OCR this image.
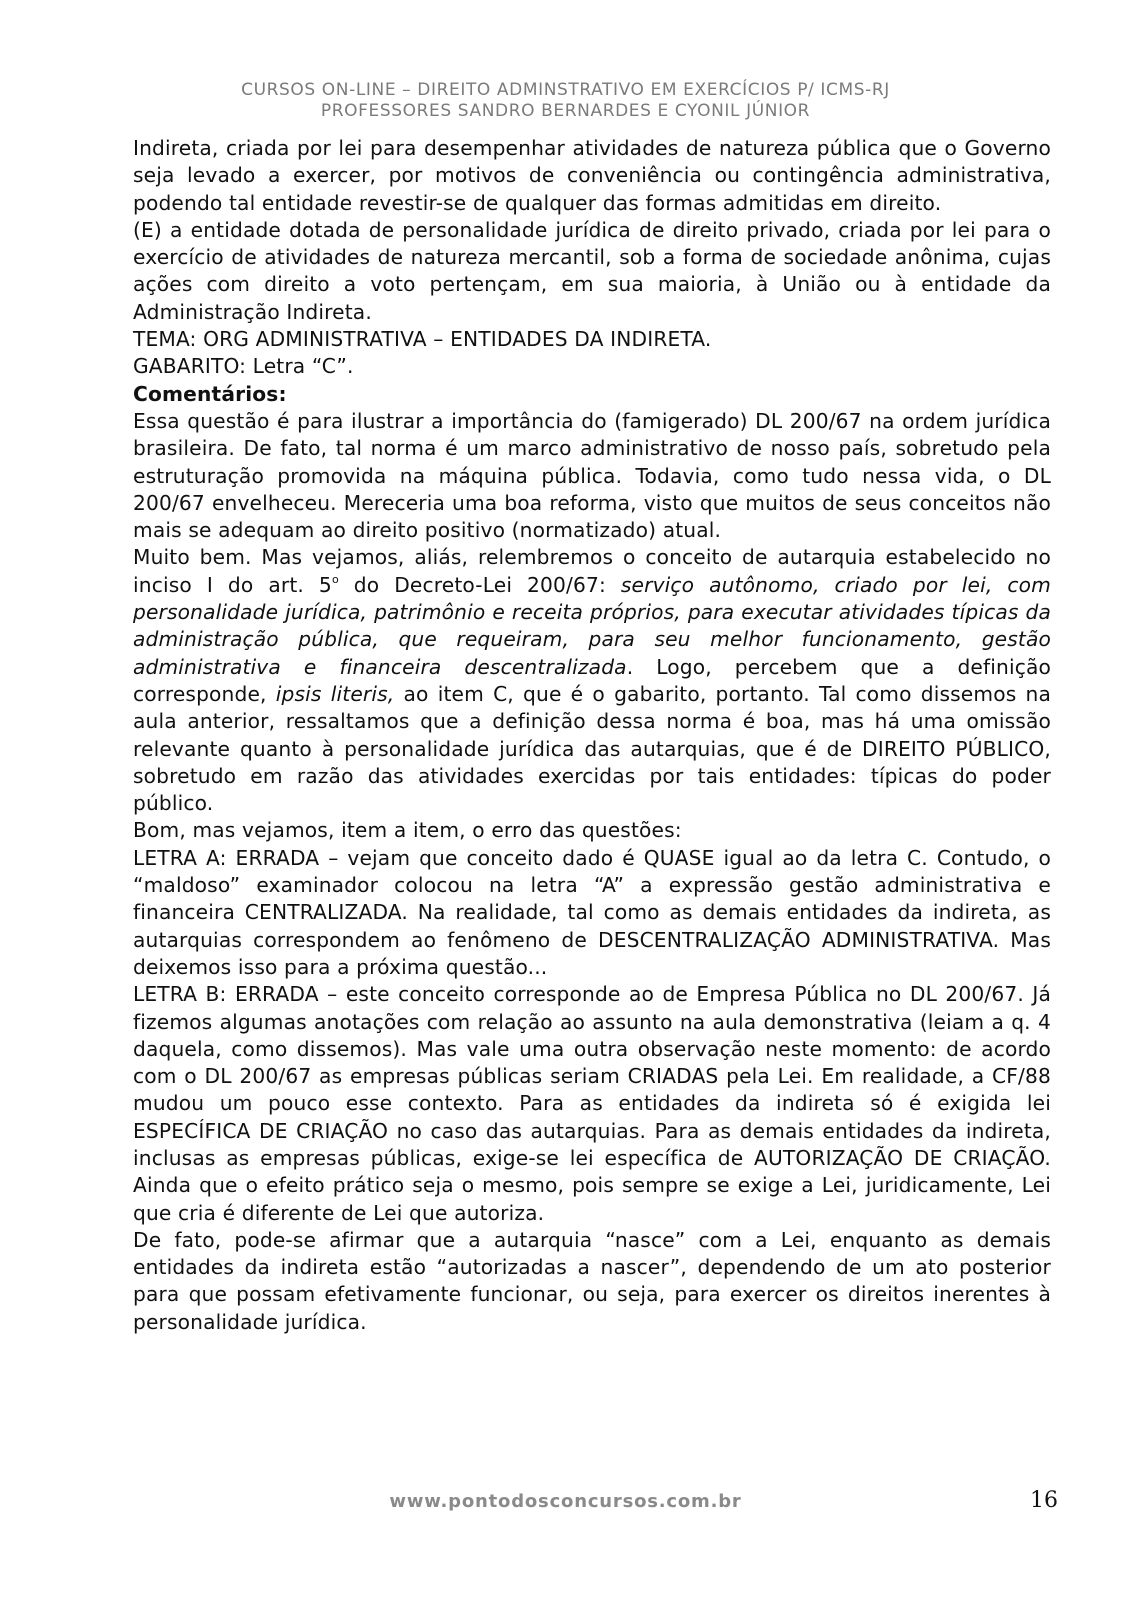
CURSOS ON-LINE – DIREITO ADMINSTRATIVO EM EXERCÍCIOS P/ ICMS-RJ
PROFESSORES SANDRO BERNARDES E CYONIL JÚNIOR

Indireta, criada por lei para desempenhar atividades de natureza pública que o Governo seja levado a exercer, por motivos de conveniência ou contingência administrativa, podendo tal entidade revestir-se de qualquer das formas admitidas em direito.

(E) a entidade dotada de personalidade jurídica de direito privado, criada por lei para o exercício de atividades de natureza mercantil, sob a forma de sociedade anônima, cujas ações com direito a voto pertençam, em sua maioria, à União ou à entidade da Administração Indireta.

TEMA: ORG ADMINISTRATIVA – ENTIDADES DA INDIRETA.

GABARITO: Letra “C”.

Comentários:

Essa questão é para ilustrar a importância do (famigerado) DL 200/67 na ordem jurídica brasileira. De fato, tal norma é um marco administrativo de nosso país, sobretudo pela estruturação promovida na máquina pública. Todavia, como tudo nessa vida, o DL 200/67 envelheceu. Mereceria uma boa reforma, visto que muitos de seus conceitos não mais se adequam ao direito positivo (normatizado) atual.

Muito bem. Mas vejamos, aliás, relembremos o conceito de autarquia estabelecido no inciso I do art. 5$^o$ do Decreto-Lei 200/67: serviço autônomo, criado por lei, com personalidade jurídica, patrimônio e receita próprios, para executar atividades típicas da administração pública, que requeiram, para seu melhor funcionamento, gestão administrativa e financeira descentralizada. Logo, percebem que a definição corresponde, ipsis literis, ao item C, que é o gabarito, portanto. Tal como dissemos na aula anterior, ressaltamos que a definição dessa norma é boa, mas há uma omissão relevante quanto à personalidade jurídica das autarquias, que é de DIREITO PÚBLICO, sobretudo em razão das atividades exercidas por tais entidades: típicas do poder público.

Bom, mas vejamos, item a item, o erro das questões:

LETRA A: ERRADA – vejam que conceito dado é QUASE igual ao da letra C. Contudo, o “maldoso” examinador colocou na letra “A” a expressão gestão administrativa e financeira CENTRALIZADA. Na realidade, tal como as demais entidades da indireta, as autarquias correspondem ao fenômeno de DESCENTRALIZAÇÃO ADMINISTRATIVA. Mas deixemos isso para a próxima questão...

LETRA B: ERRADA – este conceito corresponde ao de Empresa Pública no DL 200/67. Já fizemos algumas anotações com relação ao assunto na aula demonstrativa (leiam a q. 4 daquela, como dissemos). Mas vale uma outra observação neste momento: de acordo com o DL 200/67 as empresas públicas seriam CRIADAS pela Lei. Em realidade, a CF/88 mudou um pouco esse contexto. Para as entidades da indireta só é exigida lei ESPECÍFICA DE CRIAÇÃO no caso das autarquias. Para as demais entidades da indireta, inclusas as empresas públicas, exige-se lei específica de AUTORIZAÇÃO DE CRIAÇÃO. Ainda que o efeito prático seja o mesmo, pois sempre se exige a Lei, juridicamente, Lei que cria é diferente de Lei que autoriza.

De fato, pode-se afirmar que a autarquia “nasce” com a Lei, enquanto as demais entidades da indireta estão “autorizadas a nascer”, dependendo de um ato posterior para que possam efetivamente funcionar, ou seja, para exercer os direitos inerentes à personalidade jurídica.

www.pontodosconcursos.com.br	16
